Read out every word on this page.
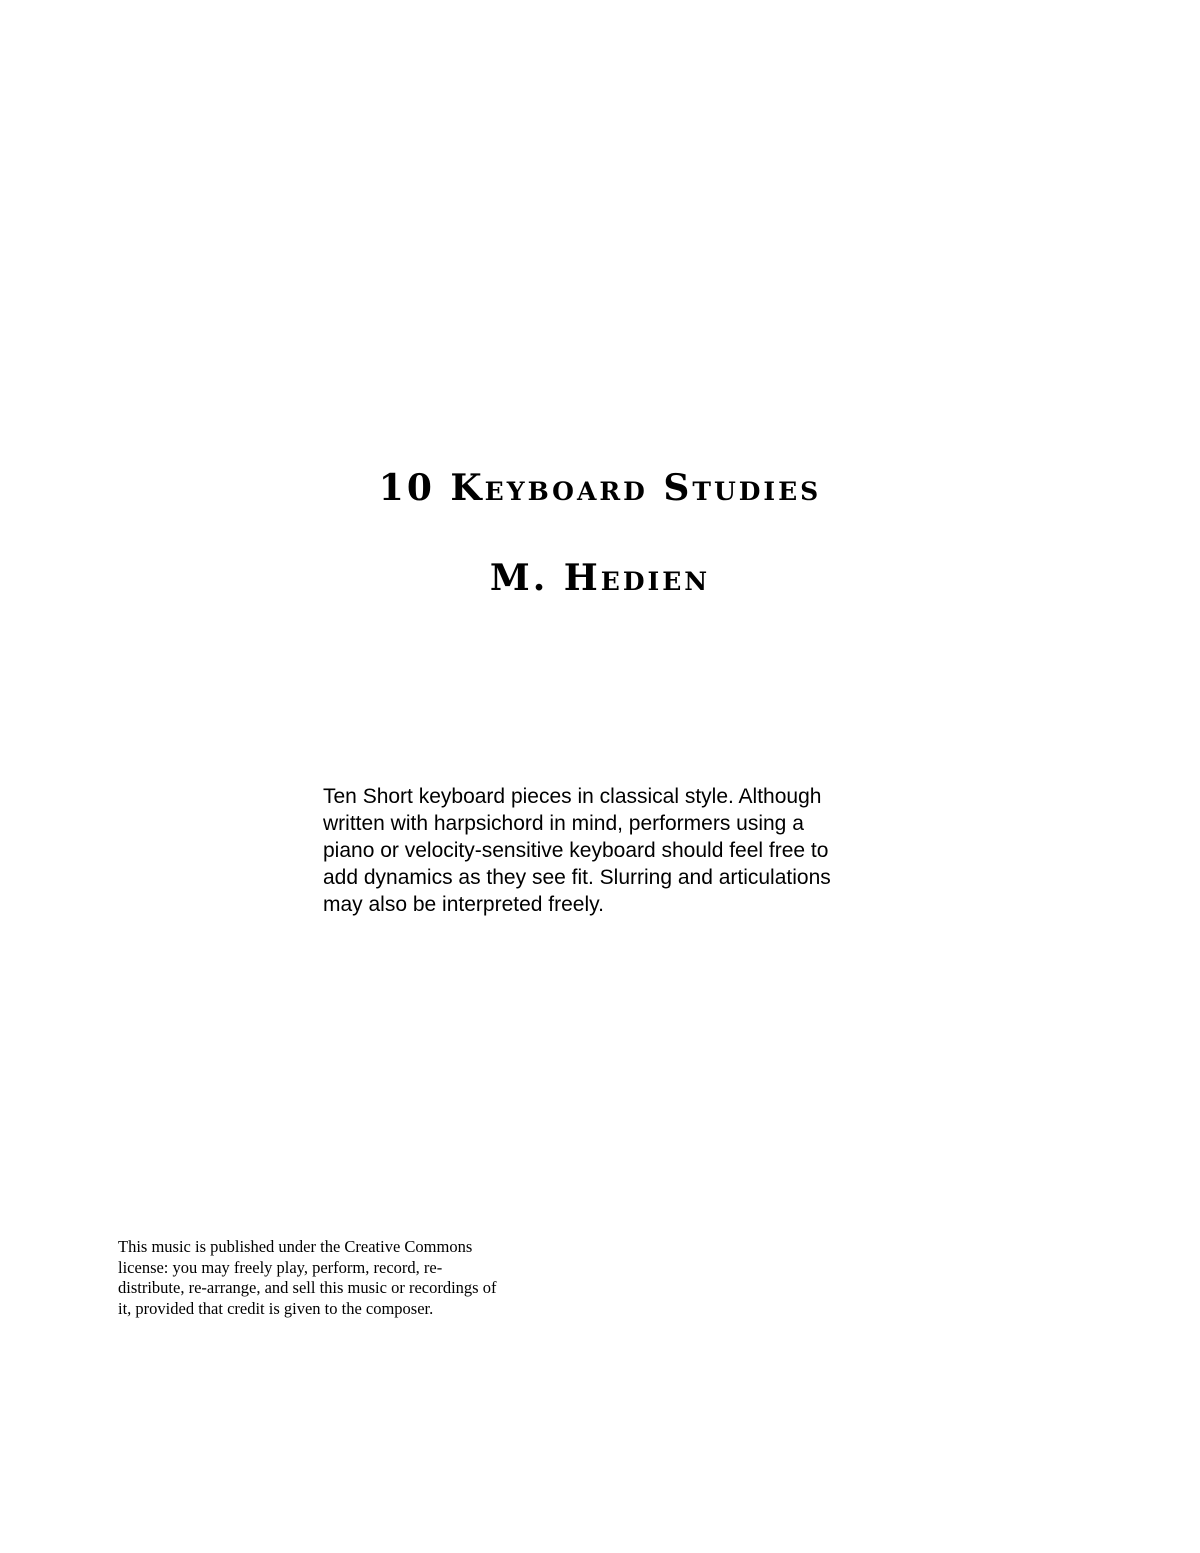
10 Keyboard Studies
M. Hedien

Ten Short keyboard pieces in classical style. Although
written with harpsichord in mind, performers using a
piano or velocity-sensitive keyboard should feel free to
add dynamics as they see fit. Slurring and articulations
may also be interpreted freely.

This music is published under the Creative Commons
license: you may freely play, perform, record, re-
distribute, re-arrange, and sell this music or recordings of
it, provided that credit is given to the composer.
